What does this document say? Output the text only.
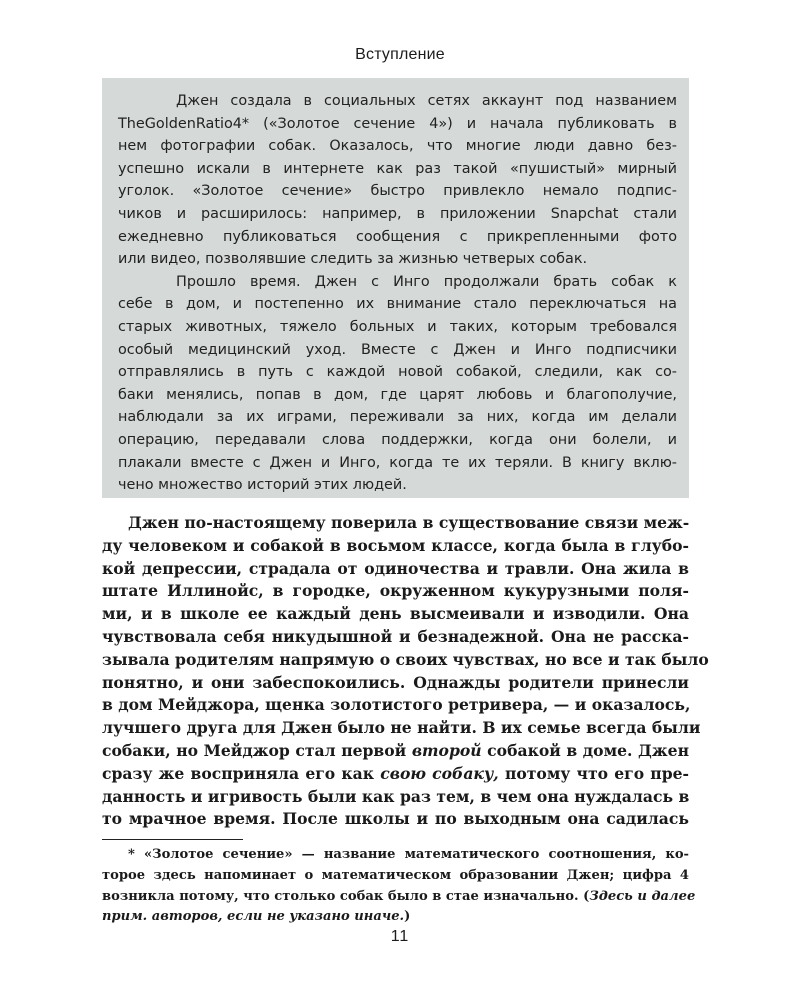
Вступление
Джен создала в социальных сетях аккаунт под названием
TheGoldenRatio4* («Золотое сечение 4») и начала публиковать в
нем фотографии собак. Оказалось, что многие люди давно без-
успешно искали в интернете как раз такой «пушистый» мирный
уголок. «Золотое сечение» быстро привлекло немало подпис-
чиков и расширилось: например, в приложении Snapchat стали
ежедневно публиковаться сообщения с прикрепленными фото
или видео, позволявшие следить за жизнью четверых собак.
Прошло время. Джен с Инго продолжали брать собак к
себе в дом, и постепенно их внимание стало переключаться на
старых животных, тяжело больных и таких, которым требовался
особый медицинский уход. Вместе с Джен и Инго подписчики
отправлялись в путь с каждой новой собакой, следили, как со-
баки менялись, попав в дом, где царят любовь и благополучие,
наблюдали за их играми, переживали за них, когда им делали
операцию, передавали слова поддержки, когда они болели, и
плакали вместе с Джен и Инго, когда те их теряли. В книгу вклю-
чено множество историй этих людей.
Джен по-настоящему поверила в существование связи меж-
ду человеком и собакой в восьмом классе, когда была в глубо-
кой депрессии, страдала от одиночества и травли. Она жила в
штате Иллинойс, в городке, окруженном кукурузными поля-
ми, и в школе ее каждый день высмеивали и изводили. Она
чувствовала себя никудышной и безнадежной. Она не расска-
зывала родителям напрямую о своих чувствах, но все и так было
понятно, и они забеспокоились. Однажды родители принесли
в дом Мейджора, щенка золотистого ретривера, — и оказалось,
лучшего друга для Джен было не найти. В их семье всегда были
собаки, но Мейджор стал первой второй собакой в доме. Джен
сразу же восприняла его как свою собаку, потому что его пре-
данность и игривость были как раз тем, в чем она нуждалась в
то мрачное время. После школы и по выходным она садилась
* «Золотое сечение» — название математического соотношения, ко-
торое здесь напоминает о математическом образовании Джен; цифра 4
возникла потому, что столько собак было в стае изначально. (Здесь и далее
прим. авторов, если не указано иначе.)
11
